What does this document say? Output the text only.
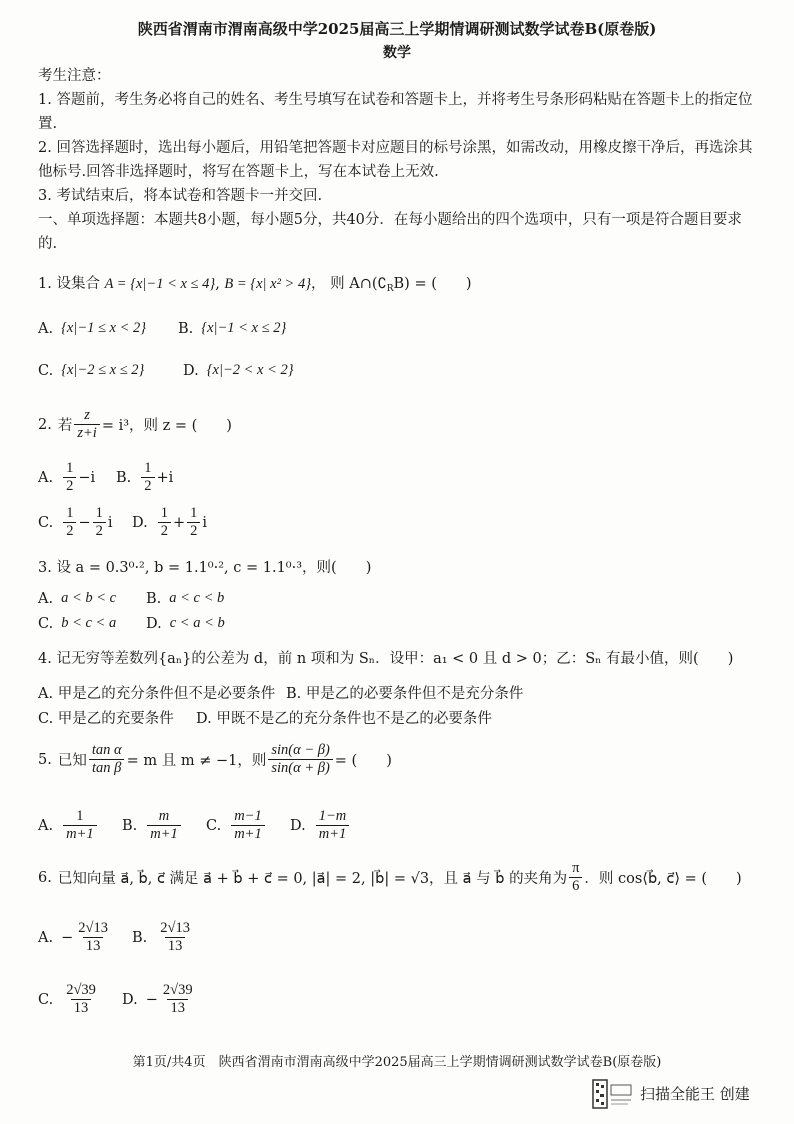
陕西省渭南市渭南高级中学2025届高三上学期情调研测试数学试卷B(原卷版)
数学
考生注意：
1. 答题前，考生务必将自己的姓名、考生号填写在试卷和答题卡上，并将考生号条形码粘贴在答题卡上的指定位
置.
2. 回答选择题时，选出每小题后，用铅笔把答题卡对应题目的标号涂黑，如需改动，用橡皮擦干净后，再选涂其
他标号.回答非选择题时，将写在答题卡上，写在本试卷上无效.
3. 考试结束后，将本试卷和答题卡一并交回.
一、单项选择题：本题共8小题，每小题5分，共40分．在每小题给出的四个选项中，只有一项是符合题目要求
的.
1. 设集合 A = {x|−1 < x ≤ 4}, B = {x| x² > 4}， 则 $A\cap(∁_RB)$ = (　　)
A. {x|−1 ≤ x < 2} B. {x|−1 < x ≤ 2}
C. {x|−2 ≤ x ≤ 2}	D. {x|−2 < x < 2}
2. 若 $\frac{z}{z+i} = i^3$，则 z = (　　)
A. $\frac{1}{2} -i$ B. $\frac{1}{2} +i$
C. $\frac{1}{2} - \frac{1}{2}$ i D. $\frac{1}{2} + \frac{1}{2}$ i
3. 设 a = 0.3⁰·², b = 1.1⁰·², c = 1.1⁰·³，则(　　)
A. a < b < c B. a < c < b
C. b < c < a D. c < a < b
4. 记无穷等差数列{aₙ}的公差为 d，前 n 项和为 Sₙ．设甲：a₁ < 0 且 d > 0；乙：Sₙ 有最小值，则(　　)
A. 甲是乙的充分条件但不是必要条件 B. 甲是乙的必要条件但不是充分条件
C. 甲是乙的充要条件 D. 甲既不是乙的充分条件也不是乙的必要条件
5. 已知 $\frac{\text{tan α}}{\text{tan β}} = m$ 且 m ≠ −1，则 $\frac{\sin(\alpha - \beta)}{\sin(\alpha + \beta)}$ = (　　)
A. $\frac{1}{m+1} B$. $\frac{m}{m+1} C$. $\frac{m-1}{m+1} D$. $\frac{1-m}{m+1}$
6. 已知向量 a⃗, b⃗, c⃗ 满足 a⃗ + b⃗ + c⃗ = 0, |a⃗| = 2, |b⃗| = √3，且 a⃗ 与 b⃗ 的夹角为 $\frac{\pi}{6}$ ．则 cos⟨b⃗, c⃗⟩ = (　　)
A. − $\frac{2√13}{13} B$. $\frac{2√13}{13}$
C. $\frac{2√39}{13} D$. − $\frac{2√39}{13}$
第1页/共4页　陕西省渭南市渭南高级中学2025届高三上学期情调研测试数学试卷B(原卷版)
扫描全能王 创建
